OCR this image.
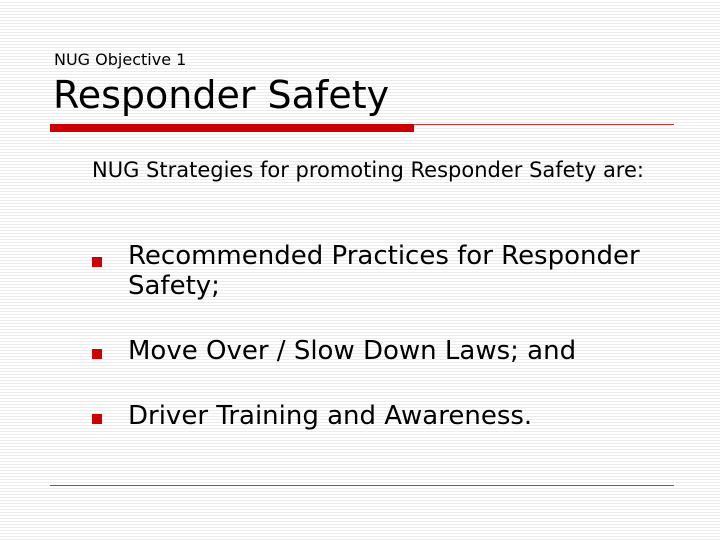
NUG Objective 1
Responder Safety
NUG Strategies for promoting Responder Safety are:
Recommended Practices for Responder Safety;
Move Over / Slow Down Laws; and
Driver Training and Awareness.
